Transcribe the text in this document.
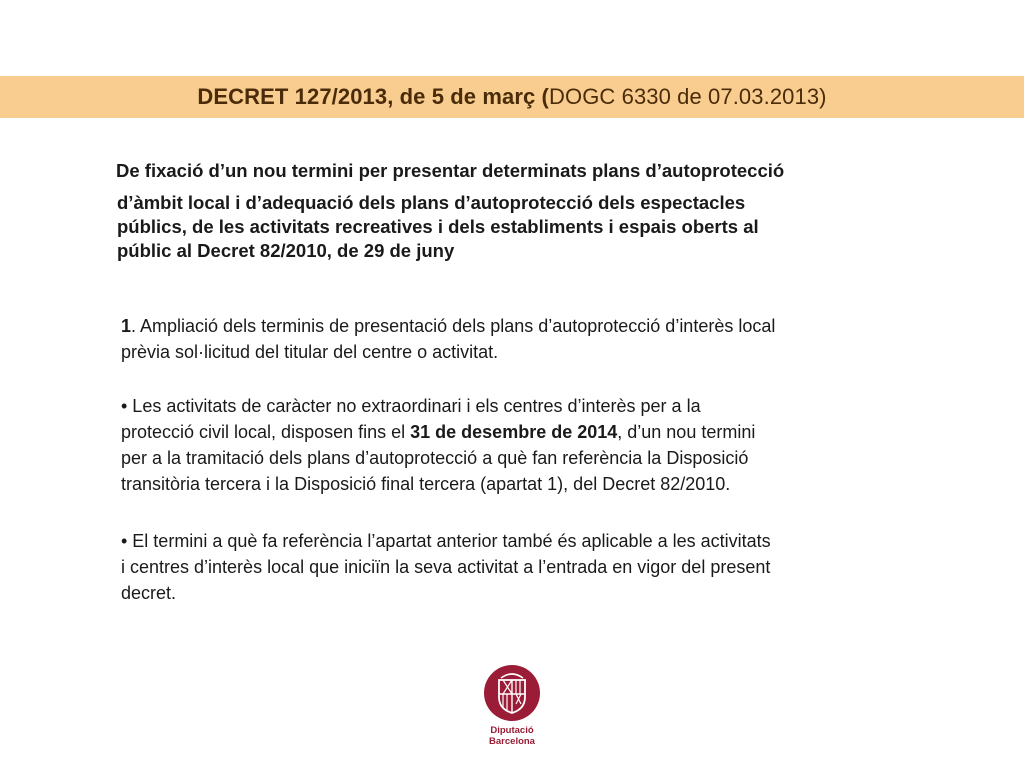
DECRET 127/2013, de 5 de març (DOGC 6330 de 07.03.2013)
De fixació d’un nou termini per presentar determinats plans d’autoprotecció
d’àmbit local i d’adequació dels plans d’autoprotecció dels espectacles
públics, de les activitats recreatives i dels establiments i espais oberts al
públic al Decret 82/2010, de 29 de juny
1. Ampliació dels terminis de presentació dels plans d’autoprotecció d’interès local
prèvia sol·licitud del titular del centre o activitat.
• Les activitats de caràcter no extraordinari i els centres d’interès per a la
protecció civil local, disposen fins el 31 de desembre de 2014, d’un nou termini
per a la tramitació dels plans d’autoprotecció a què fan referència la Disposició
transitòria tercera i la Disposició final tercera (apartat 1), del Decret 82/2010.
• El termini a què fa referència l’apartat anterior també és aplicable a les activitats
i centres d’interès local que iniciïn la seva activitat a l’entrada en vigor del present
decret.
Diputació
Barcelona
